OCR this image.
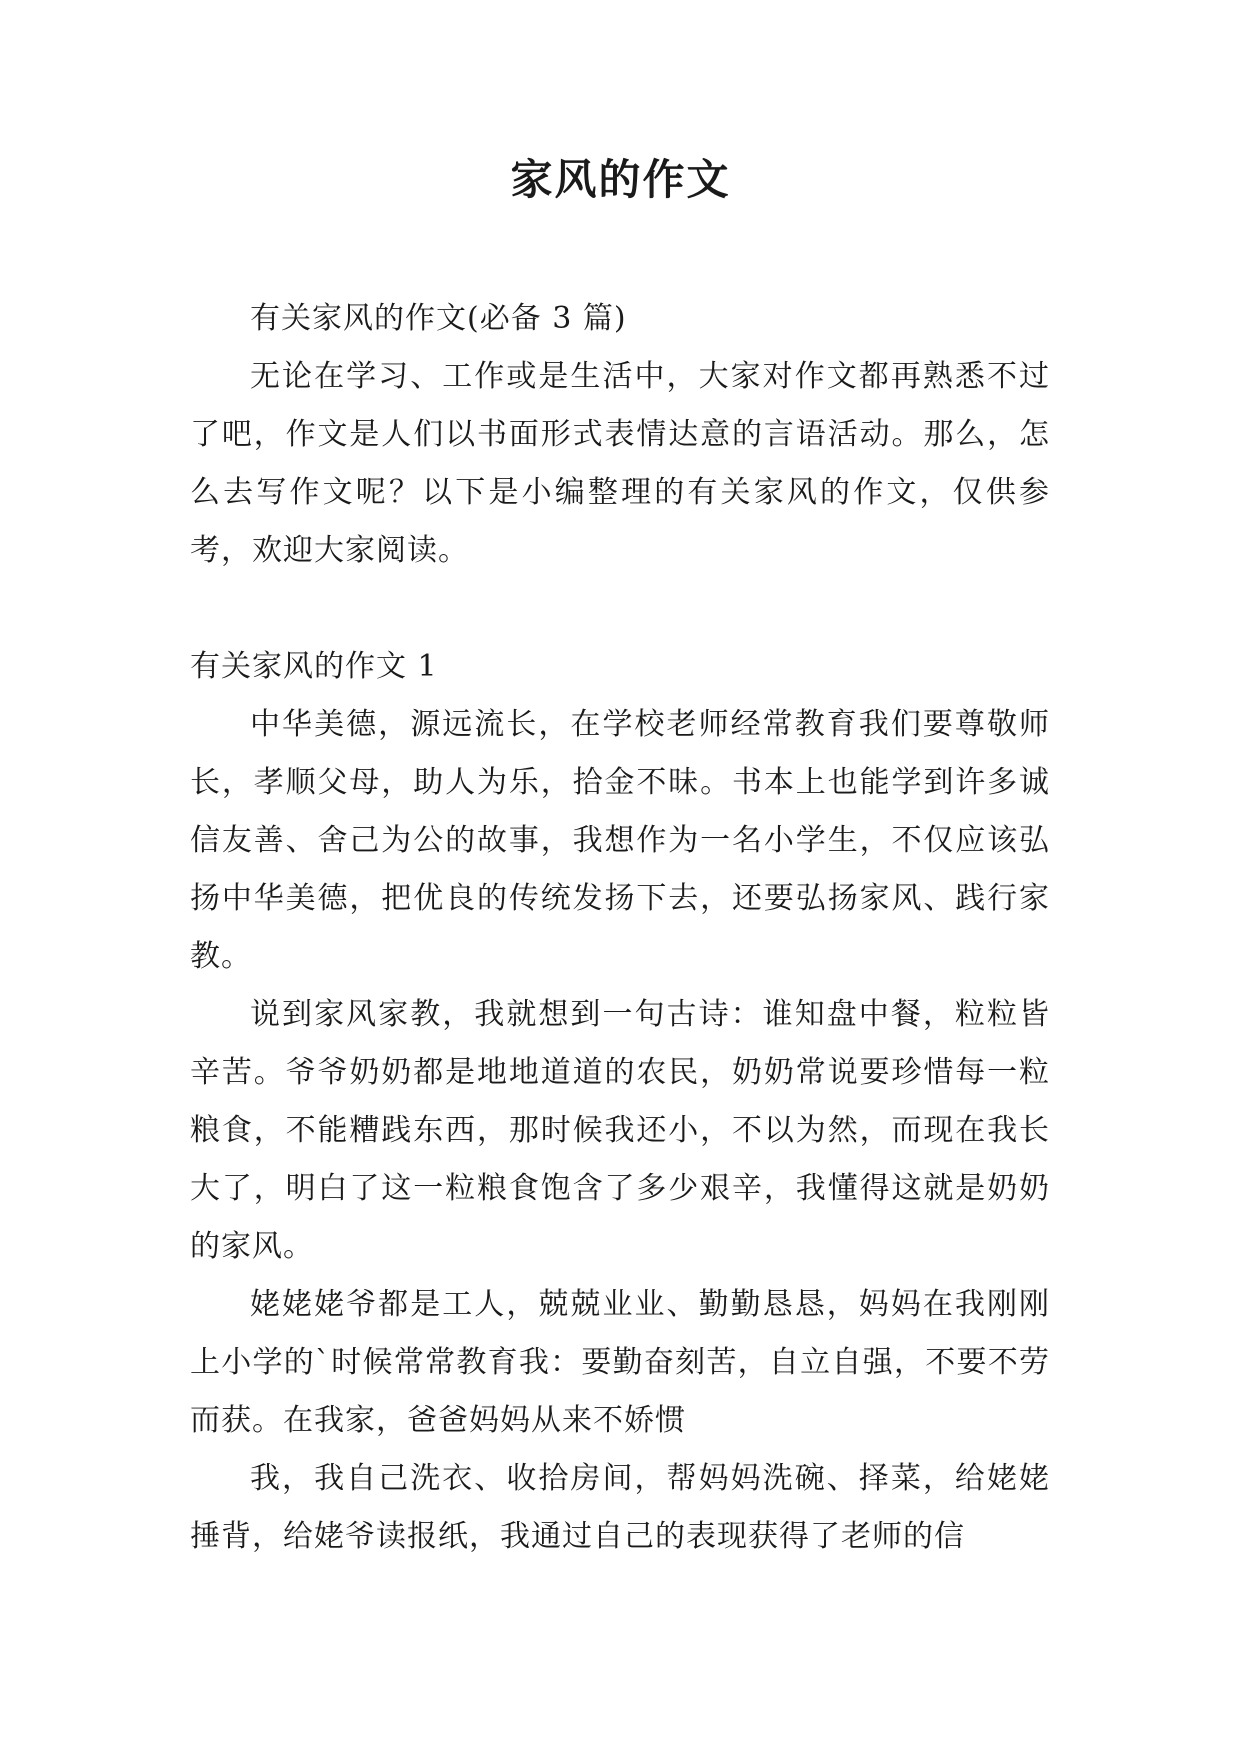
家风的作文

有关家风的作文(必备 3 篇)

无论在学习、工作或是生活中，大家对作文都再熟悉不过了吧，作文是人们以书面形式表情达意的言语活动。那么，怎么去写作文呢？以下是小编整理的有关家风的作文，仅供参考，欢迎大家阅读。

有关家风的作文 1

中华美德，源远流长，在学校老师经常教育我们要尊敬师长，孝顺父母，助人为乐，拾金不昧。书本上也能学到许多诚信友善、舍己为公的故事，我想作为一名小学生，不仅应该弘扬中华美德，把优良的传统发扬下去，还要弘扬家风、践行家教。

说到家风家教，我就想到一句古诗：谁知盘中餐，粒粒皆辛苦。爷爷奶奶都是地地道道的农民，奶奶常说要珍惜每一粒粮食，不能糟践东西，那时候我还小，不以为然，而现在我长大了，明白了这一粒粮食饱含了多少艰辛，我懂得这就是奶奶的家风。

姥姥姥爷都是工人，兢兢业业、勤勤恳恳，妈妈在我刚刚上小学的`时候常常教育我：要勤奋刻苦，自立自强，不要不劳而获。在我家，爸爸妈妈从来不娇惯

我，我自己洗衣、收拾房间，帮妈妈洗碗、择菜，给姥姥捶背，给姥爷读报纸，我通过自己的表现获得了老师的信
